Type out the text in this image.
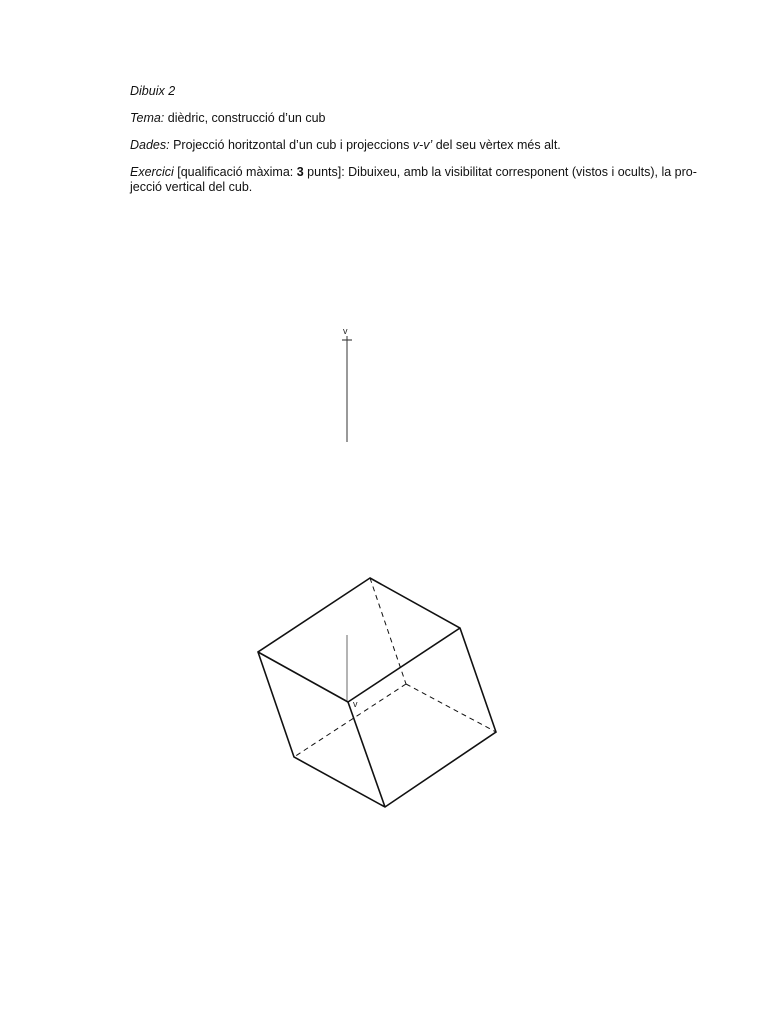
Dibuix 2

Tema: dièdric, construcció d’un cub

Dades: Projecció horitzontal d’un cub i projeccions v-v’ del seu vèrtex més alt.

Exercici [qualificació màxima: 3 punts]: Dibuixeu, amb la visibilitat corresponent (vistos i ocults), la pro-
jecció vertical del cub.

v
v
